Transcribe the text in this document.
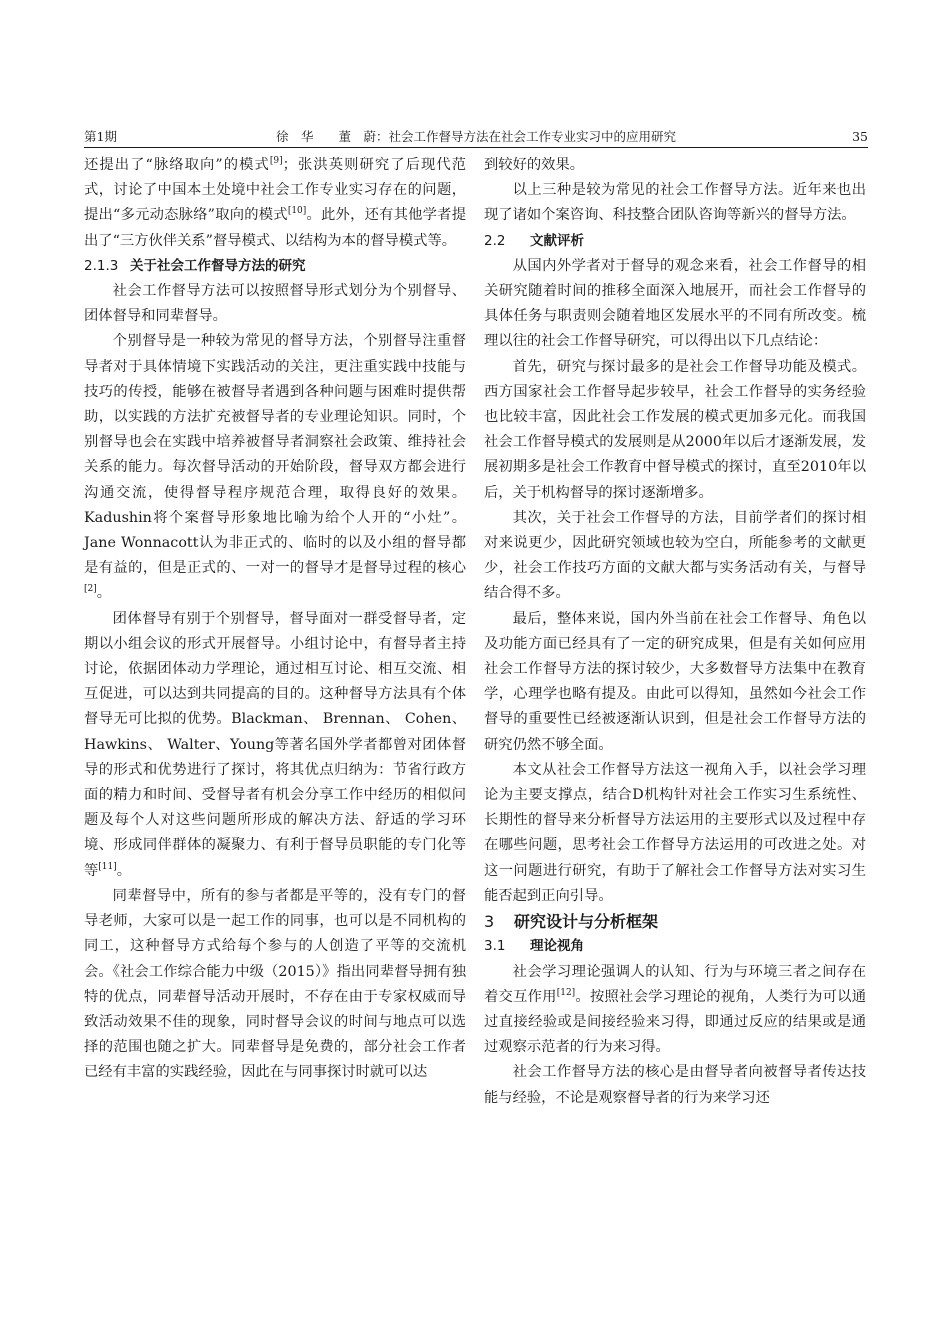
第1期	徐　华　　董　蔚：社会工作督导方法在社会工作专业实习中的应用研究	35

还提出了“脉络取向”的模式[9]；张洪英则研究了后现代范式，讨论了中国本土处境中社会工作专业实习存在的问题，提出“多元动态脉络”取向的模式[10]。此外，还有其他学者提出了“三方伙伴关系”督导模式、以结构为本的督导模式等。

2.1.3 关于社会工作督导方法的研究

社会工作督导方法可以按照督导形式划分为个别督导、团体督导和同辈督导。

个别督导是一种较为常见的督导方法，个别督导注重督导者对于具体情境下实践活动的关注，更注重实践中技能与技巧的传授，能够在被督导者遇到各种问题与困难时提供帮助，以实践的方法扩充被督导者的专业理论知识。同时，个别督导也会在实践中培养被督导者洞察社会政策、维持社会关系的能力。每次督导活动的开始阶段，督导双方都会进行沟通交流，使得督导程序规范合理，取得良好的效果。Kadushin将个案督导形象地比喻为给个人开的“小灶”。Jane Wonnacott认为非正式的、临时的以及小组的督导都是有益的，但是正式的、一对一的督导才是督导过程的核心[2]。

团体督导有别于个别督导，督导面对一群受督导者，定期以小组会议的形式开展督导。小组讨论中，有督导者主持讨论，依据团体动力学理论，通过相互讨论、相互交流、相互促进，可以达到共同提高的目的。这种督导方法具有个体督导无可比拟的优势。Blackman、 Brennan、 Cohen、 Hawkins、 Walter、Young等著名国外学者都曾对团体督导的形式和优势进行了探讨，将其优点归纳为：节省行政方面的精力和时间、受督导者有机会分享工作中经历的相似问题及每个人对这些问题所形成的解决方法、舒适的学习环境、形成同伴群体的凝聚力、有利于督导员职能的专门化等等[11]。

同辈督导中，所有的参与者都是平等的，没有专门的督导老师，大家可以是一起工作的同事，也可以是不同机构的同工，这种督导方式给每个参与的人创造了平等的交流机会。《社会工作综合能力中级（2015）》指出同辈督导拥有独特的优点，同辈督导活动开展时，不存在由于专家权威而导致活动效果不佳的现象，同时督导会议的时间与地点可以选择的范围也随之扩大。同辈督导是免费的，部分社会工作者已经有丰富的实践经验，因此在与同事探讨时就可以达

到较好的效果。

以上三种是较为常见的社会工作督导方法。近年来也出现了诸如个案咨询、科技整合团队咨询等新兴的督导方法。

2.2 文献评析

从国内外学者对于督导的观念来看，社会工作督导的相关研究随着时间的推移全面深入地展开，而社会工作督导的具体任务与职责则会随着地区发展水平的不同有所改变。梳理以往的社会工作督导研究，可以得出以下几点结论：

首先，研究与探讨最多的是社会工作督导功能及模式。西方国家社会工作督导起步较早，社会工作督导的实务经验也比较丰富，因此社会工作发展的模式更加多元化。而我国社会工作督导模式的发展则是从2000年以后才逐渐发展，发展初期多是社会工作教育中督导模式的探讨，直至2010年以后，关于机构督导的探讨逐渐增多。

其次，关于社会工作督导的方法，目前学者们的探讨相对来说更少，因此研究领域也较为空白，所能参考的文献更少，社会工作技巧方面的文献大都与实务活动有关，与督导结合得不多。

最后，整体来说，国内外当前在社会工作督导、角色以及功能方面已经具有了一定的研究成果，但是有关如何应用社会工作督导方法的探讨较少，大多数督导方法集中在教育学，心理学也略有提及。由此可以得知，虽然如今社会工作督导的重要性已经被逐渐认识到，但是社会工作督导方法的研究仍然不够全面。

本文从社会工作督导方法这一视角入手，以社会学习理论为主要支撑点，结合D机构针对社会工作实习生系统性、长期性的督导来分析督导方法运用的主要形式以及过程中存在哪些问题，思考社会工作督导方法运用的可改进之处。对这一问题进行研究，有助于了解社会工作督导方法对实习生能否起到正向引导。

3 研究设计与分析框架
3.1 理论视角

社会学习理论强调人的认知、行为与环境三者之间存在着交互作用[12]。按照社会学习理论的视角，人类行为可以通过直接经验或是间接经验来习得，即通过反应的结果或是通过观察示范者的行为来习得。

社会工作督导方法的核心是由督导者向被督导者传达技能与经验，不论是观察督导者的行为来学习还
